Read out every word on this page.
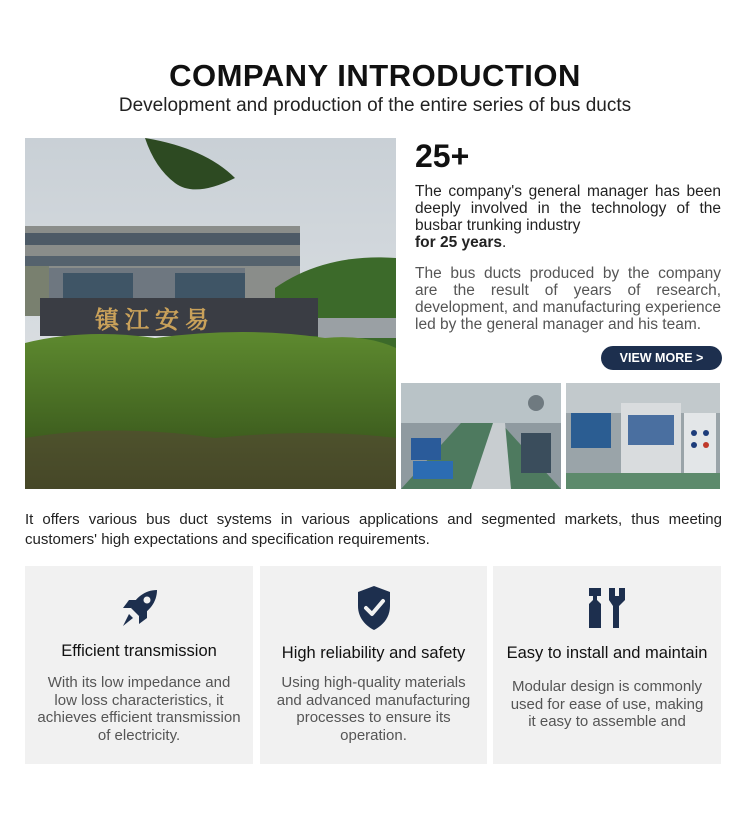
COMPANY INTRODUCTION
Development and production of the entire series of bus ducts
镇江安易
25+
The company's general manager has been deeply involved in the technology of the busbar trunking industry
for 25 years.
The bus ducts produced by the company are the result of years of research, development, and manufacturing experience led by the general manager and his team.
VIEW MORE >
It offers various bus duct systems in various applications and segmented markets, thus meeting customers' high expectations and specification requirements.
Efficient transmission
With its low impedance and low loss characteristics, it achieves efficient transmission of electricity.
High reliability and safety
Using high-quality materials and advanced manufacturing processes to ensure its operation.
Easy to install and maintain
Modular design is commonly used for ease of use, making it easy to assemble and
